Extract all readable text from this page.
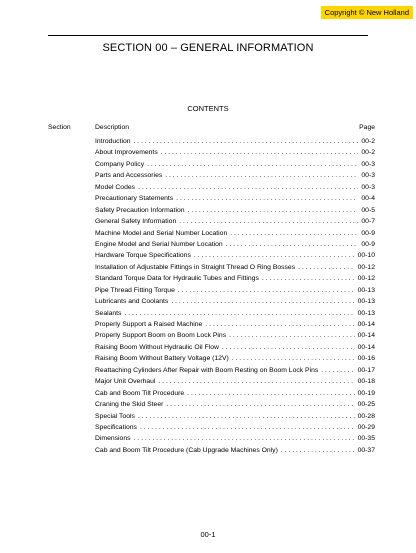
Copyright © New Holland
SECTION 00 – GENERAL INFORMATION
CONTENTS
Section	Description	Page
Introduction . . .	00-2
About Improvements . . .	00-2
Company Policy . . .	00-3
Parts and Accessories . . .	00-3
Model Codes . . .	00-3
Precautionary Statements . . .	00-4
Safety Precaution Information . . .	00-5
General Safety Information . . .	00-7
Machine Model and Serial Number Location . . .	00-9
Engine Model and Serial Number Location . . .	00-9
Hardware Torque Specifications . . .	00-10
Installation of Adjustable Fittings in Straight Thread O Ring Bosses . . .	00-12
Standard Torque Data for Hydraulic Tubes and Fittings . . .	00-12
Pipe Thread Fitting Torque . . .	00-13
Lubricants and Coolants . . .	00-13
Sealants . . .	00-13
Properly Support a Raised Machine . . .	00-14
Properly Support Boom on Boom Lock Pins . . .	00-14
Raising Boom Without Hydraulic Oil Flow . . .	00-14
Raising Boom Without Battery Voltage (12V) . . .	00-16
Reattaching Cylinders After Repair with Boom Resting on Boom Lock Pins . . .	00-17
Major Unit Overhaul . . .	00-18
Cab and Boom Tilt Procedure . . .	00-19
Craning the Skid Steer . . .	00-25
Special Tools . . .	00-28
Specifications . . .	00-29
Dimensions . . .	00-35
Cab and Boom Tilt Procedure (Cab Upgrade Machines Only) . . .	00-37
00-1
